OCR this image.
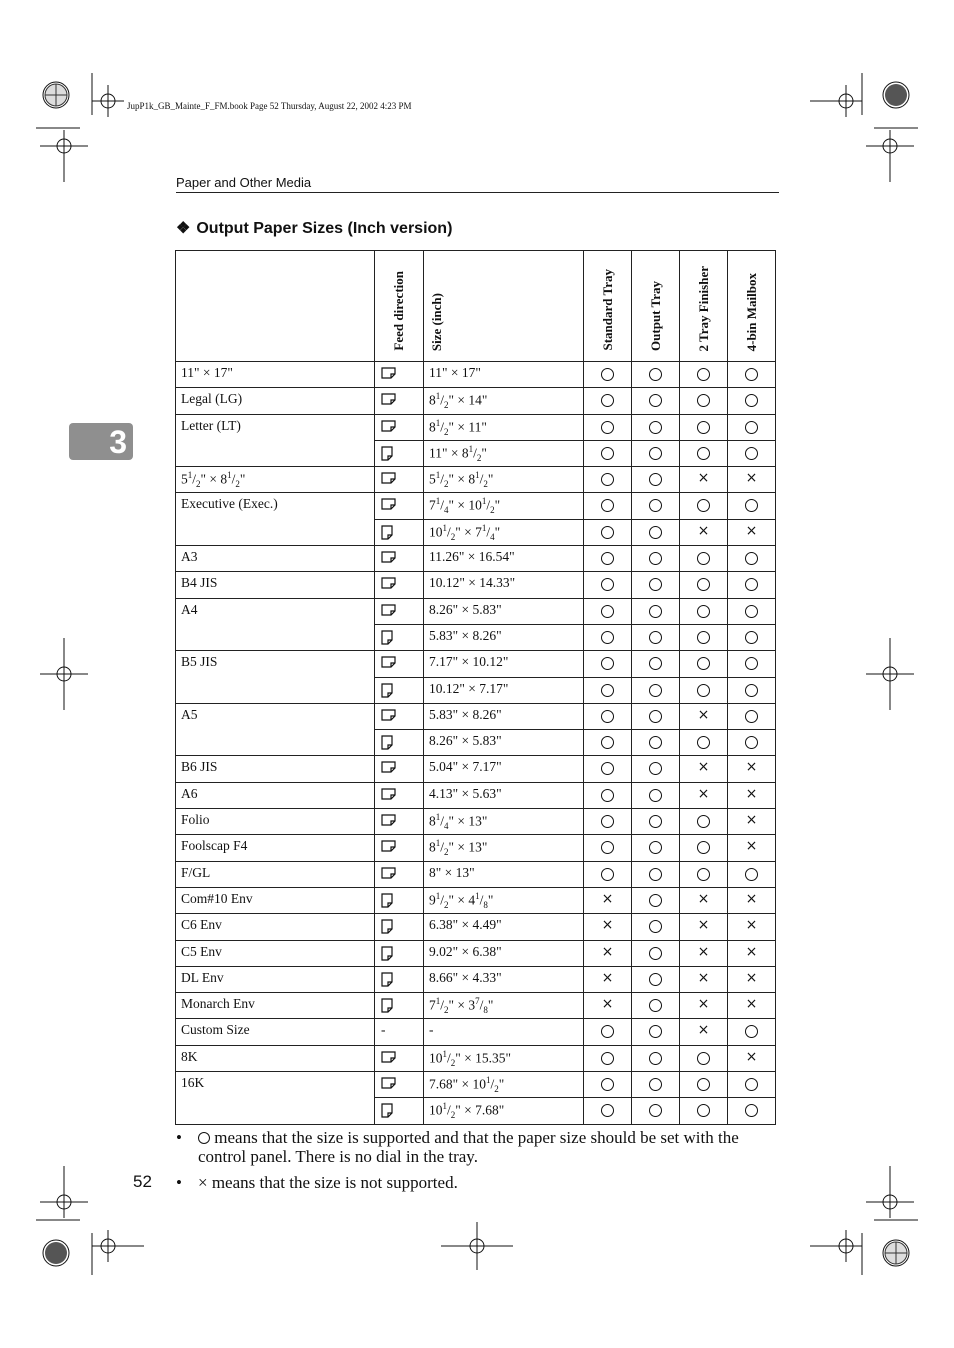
JupP1k_GB_Mainte_F_FM.book Page 52 Thursday, August 22, 2002 4:23 PM
Paper and Other Media
3
❖ Output Paper Sizes (Inch version)
	Feed direction	Size (inch)	Standard Tray	Output Tray	2 Tray Finisher	4-bin Mailbox
11" × 17"		11" × 17"				
Legal (LG)		$8^1/_2$" × 14"				
Letter (LT)		$8^1/_2$" × 11"				
	11" × $8^1/_2$"				
$5^1/_2$" × $8^1/_2$"		$5^1/_2$" × $8^1/_2$"			×	×
Executive (Exec.)		$7^1/_4$" × $10^1/_2$"				
	$10^1/_2$" × $7^1/_4$"			×	×
A3		11.26" × 16.54"				
B4 JIS		10.12" × 14.33"				
A4		8.26" × 5.83"				
	5.83" × 8.26"				
B5 JIS		7.17" × 10.12"				
	10.12" × 7.17"				
A5		5.83" × 8.26"			×	
	8.26" × 5.83"				
B6 JIS		5.04" × 7.17"			×	×
A6		4.13" × 5.63"			×	×
Folio		$8^1/_4$" × 13"				×
Foolscap F4		$8^1/_2$" × 13"				×
F/GL		8" × 13"				
Com#10 Env		$9^1/_2$" × $4^1/_8$"	×		×	×
C6 Env		6.38" × 4.49"	×		×	×
C5 Env		9.02" × 6.38"	×		×	×
DL Env		8.66" × 4.33"	×		×	×
Monarch Env		$7^1/_2$" × $3^7/_8$"	×		×	×
Custom Size	-	-			×	
8K		$10^1/_2$" × 15.35"				×
16K		7.68" × $10^1/_2$"				
	$10^1/_2$" × 7.68"				
• ○ means that the size is supported and that the paper size should be set with the control panel. There is no dial in the tray.
• × means that the size is not supported.
52
